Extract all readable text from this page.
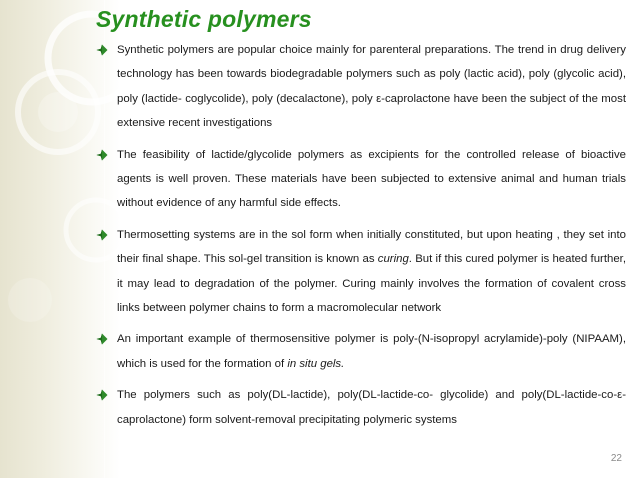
Synthetic polymers

Synthetic polymers are popular choice mainly for parenteral preparations. The trend in drug delivery technology has been towards biodegradable polymers such as poly (lactic acid), poly (glycolic acid), poly (lactide- coglycolide), poly (decalactone), poly ε-caprolactone have been the subject of the most extensive recent investigations

The feasibility of lactide/glycolide polymers as excipients for the controlled release of bioactive agents is well proven. These materials have been subjected to extensive animal and human trials without evidence of any harmful side effects.

Thermosetting systems are in the sol form when initially constituted, but upon heating , they set into their final shape. This sol-gel transition is known as curing. But if this cured polymer is heated further, it may lead to degradation of the polymer. Curing mainly involves the formation of covalent cross links between polymer chains to form a macromolecular network

An important example of thermosensitive polymer is poly-(N-isopropyl acrylamide)-poly (NIPAAM), which is used for the formation of in situ gels.

The polymers such as poly(DL-lactide), poly(DL-lactide-co- glycolide) and poly(DL-lactide-co-ε-caprolactone) form solvent-removal precipitating polymeric systems

22
